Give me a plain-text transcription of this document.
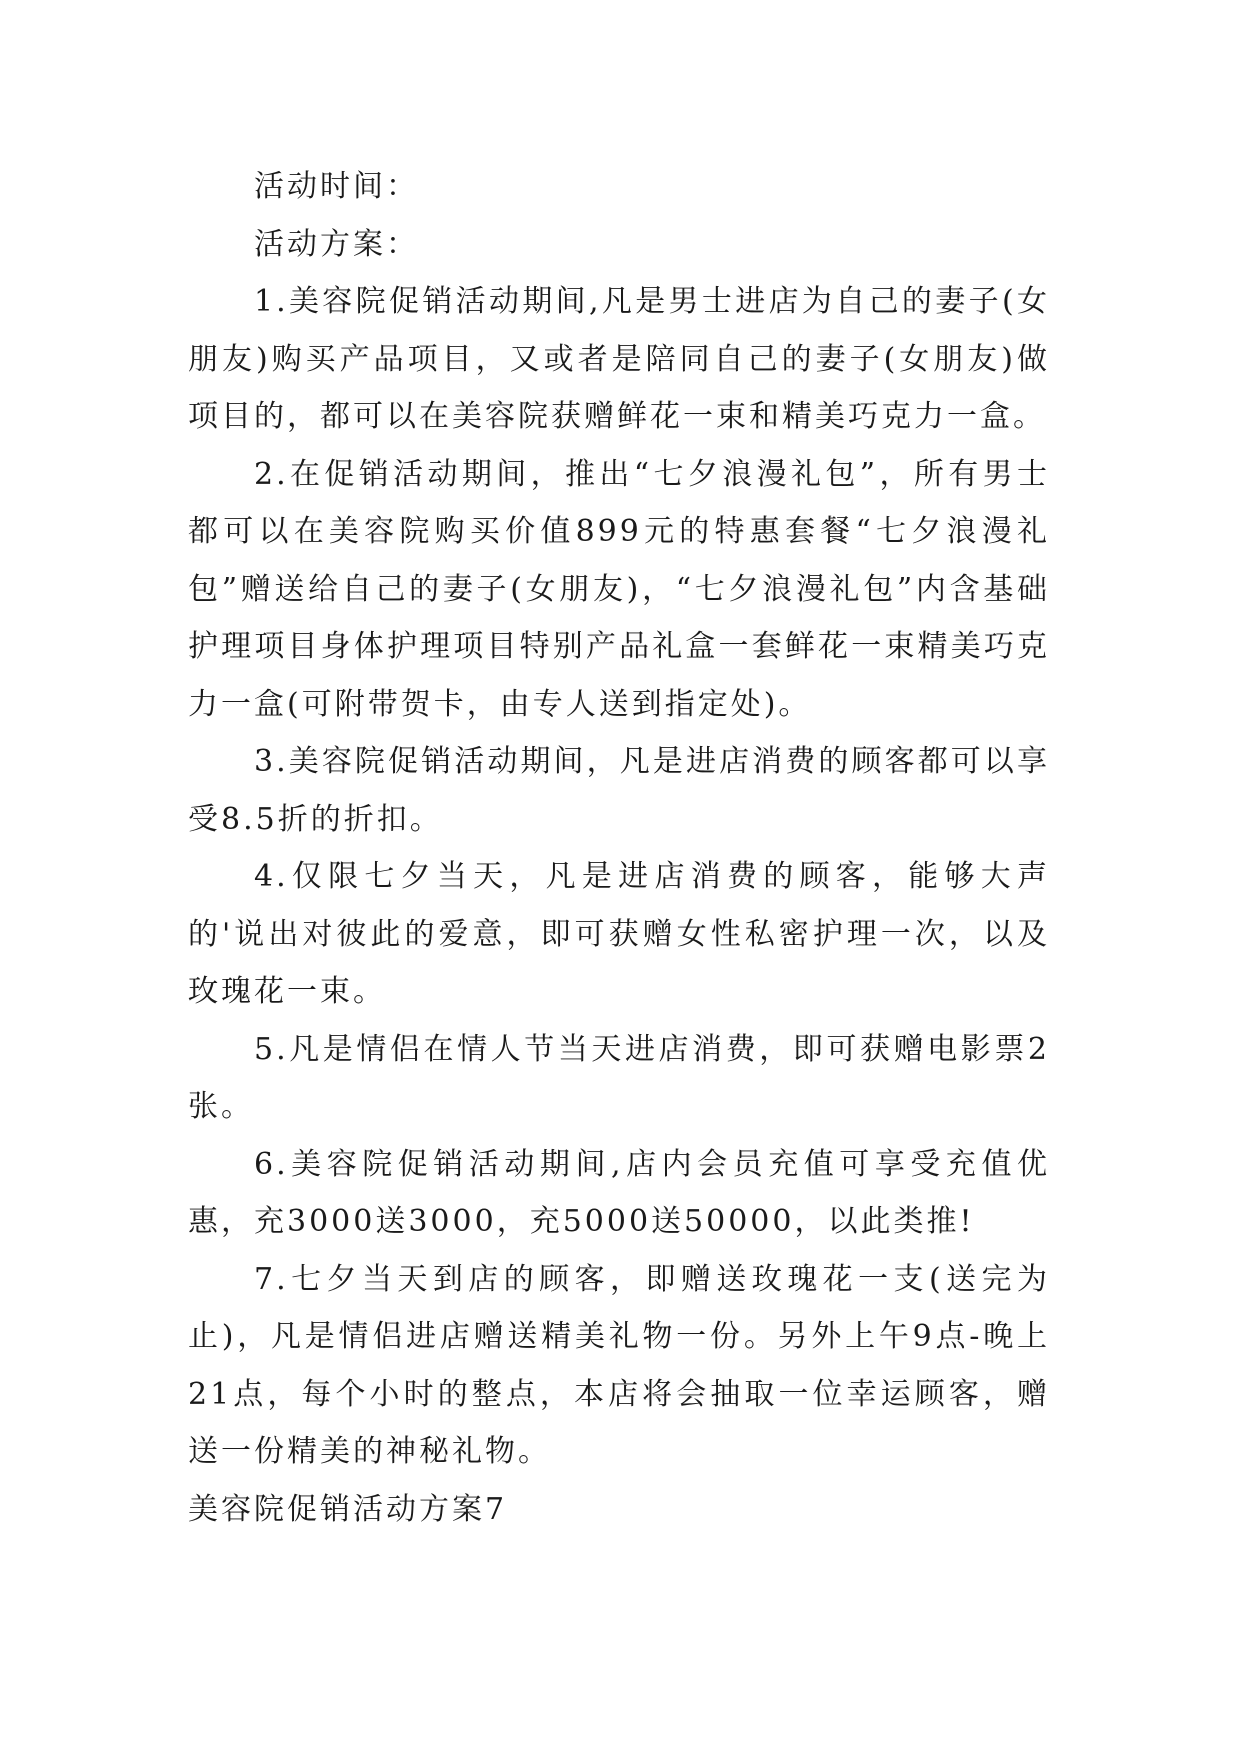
活动时间：

活动方案：

1.美容院促销活动期间,凡是男士进店为自己的妻子(女朋友)购买产品项目，又或者是陪同自己的妻子(女朋友)做项目的，都可以在美容院获赠鲜花一束和精美巧克力一盒。

2.在促销活动期间，推出“七夕浪漫礼包”，所有男士都可以在美容院购买价值899元的特惠套餐“七夕浪漫礼包”赠送给自己的妻子(女朋友)，“七夕浪漫礼包”内含基础护理项目身体护理项目特别产品礼盒一套鲜花一束精美巧克力一盒(可附带贺卡，由专人送到指定处)。

3.美容院促销活动期间，凡是进店消费的顾客都可以享受8.5折的折扣。

4.仅限七夕当天，凡是进店消费的顾客，能够大声的'说出对彼此的爱意，即可获赠女性私密护理一次，以及玫瑰花一束。

5.凡是情侣在情人节当天进店消费，即可获赠电影票2张。

6.美容院促销活动期间,店内会员充值可享受充值优惠，充3000送3000，充5000送50000，以此类推!

7.七夕当天到店的顾客，即赠送玫瑰花一支(送完为止)，凡是情侣进店赠送精美礼物一份。另外上午9点-晚上21点，每个小时的整点，本店将会抽取一位幸运顾客，赠送一份精美的神秘礼物。

美容院促销活动方案7
